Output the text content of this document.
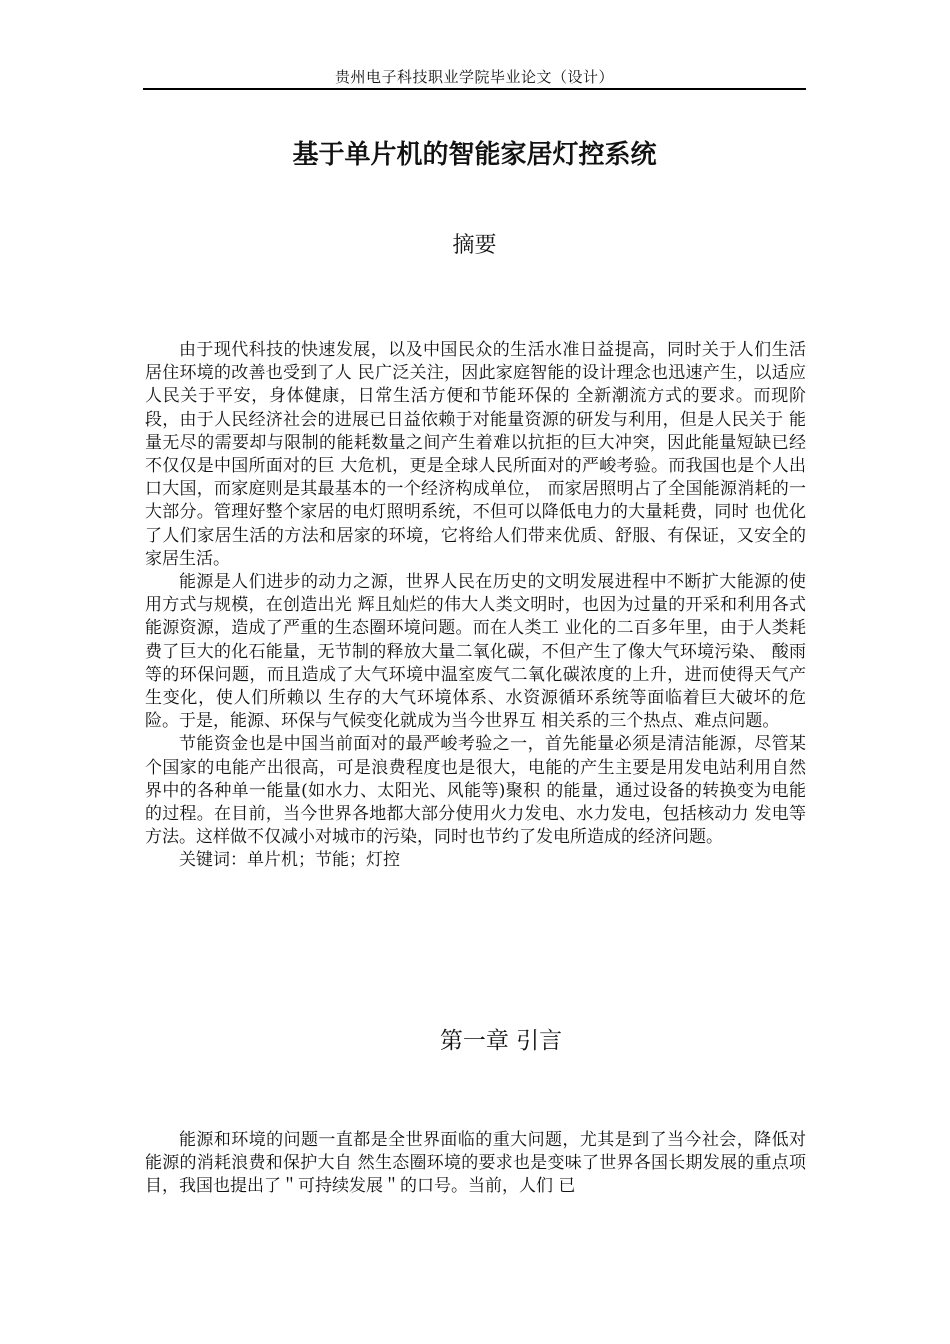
贵州电子科技职业学院毕业论文（设计）
基于单片机的智能家居灯控系统
摘要

由于现代科技的快速发展，以及中国民众的生活水准日益提高，同时关于人们生活居住环境的改善也受到了人 民广泛关注，因此家庭智能的设计理念也迅速产生，以适应人民关于平安，身体健康，日常生活方便和节能环保的 全新潮流方式的要求。而现阶段，由于人民经济社会的进展已日益依赖于对能量资源的研发与利用，但是人民关于 能量无尽的需要却与限制的能耗数量之间产生着难以抗拒的巨大冲突，因此能量短缺已经不仅仅是中国所面对的巨 大危机，更是全球人民所面对的严峻考验。而我国也是个人出口大国，而家庭则是其最基本的一个经济构成单位， 而家居照明占了全国能源消耗的一大部分。管理好整个家居的电灯照明系统，不但可以降低电力的大量耗费，同时 也优化了人们家居生活的方法和居家的环境，它将给人们带来优质、舒服、有保证，又安全的家居生活。

能源是人们进步的动力之源，世界人民在历史的文明发展进程中不断扩大能源的使用方式与规模，在创造出光 辉且灿烂的伟大人类文明时，也因为过量的开采和利用各式能源资源，造成了严重的生态圈环境问题。而在人类工 业化的二百多年里，由于人类耗费了巨大的化石能量，无节制的释放大量二氧化碳，不但产生了像大气环境污染、 酸雨等的环保问题，而且造成了大气环境中温室废气二氧化碳浓度的上升，进而使得天气产生变化，使人们所赖以 生存的大气环境体系、水资源循环系统等面临着巨大破坏的危险。于是，能源、环保与气候变化就成为当今世界互 相关系的三个热点、难点问题。

节能资金也是中国当前面对的最严峻考验之一，首先能量必须是清洁能源，尽管某个国家的电能产出很高，可是浪费程度也是很大，电能的产生主要是用发电站利用自然界中的各种单一能量(如水力、太阳光、风能等)聚积 的能量，通过设备的转换变为电能的过程。在目前，当今世界各地都大部分使用火力发电、水力发电，包括核动力 发电等方法。这样做不仅减小对城市的污染，同时也节约了发电所造成的经济问题。

关键词：单片机；节能；灯控

第一章 引言

能源和环境的问题一直都是全世界面临的重大问题，尤其是到了当今社会，降低对能源的消耗浪费和保护大自 然生态圈环境的要求也是变味了世界各国长期发展的重点项目，我国也提出了＂可持续发展＂的口号。当前，人们 已
